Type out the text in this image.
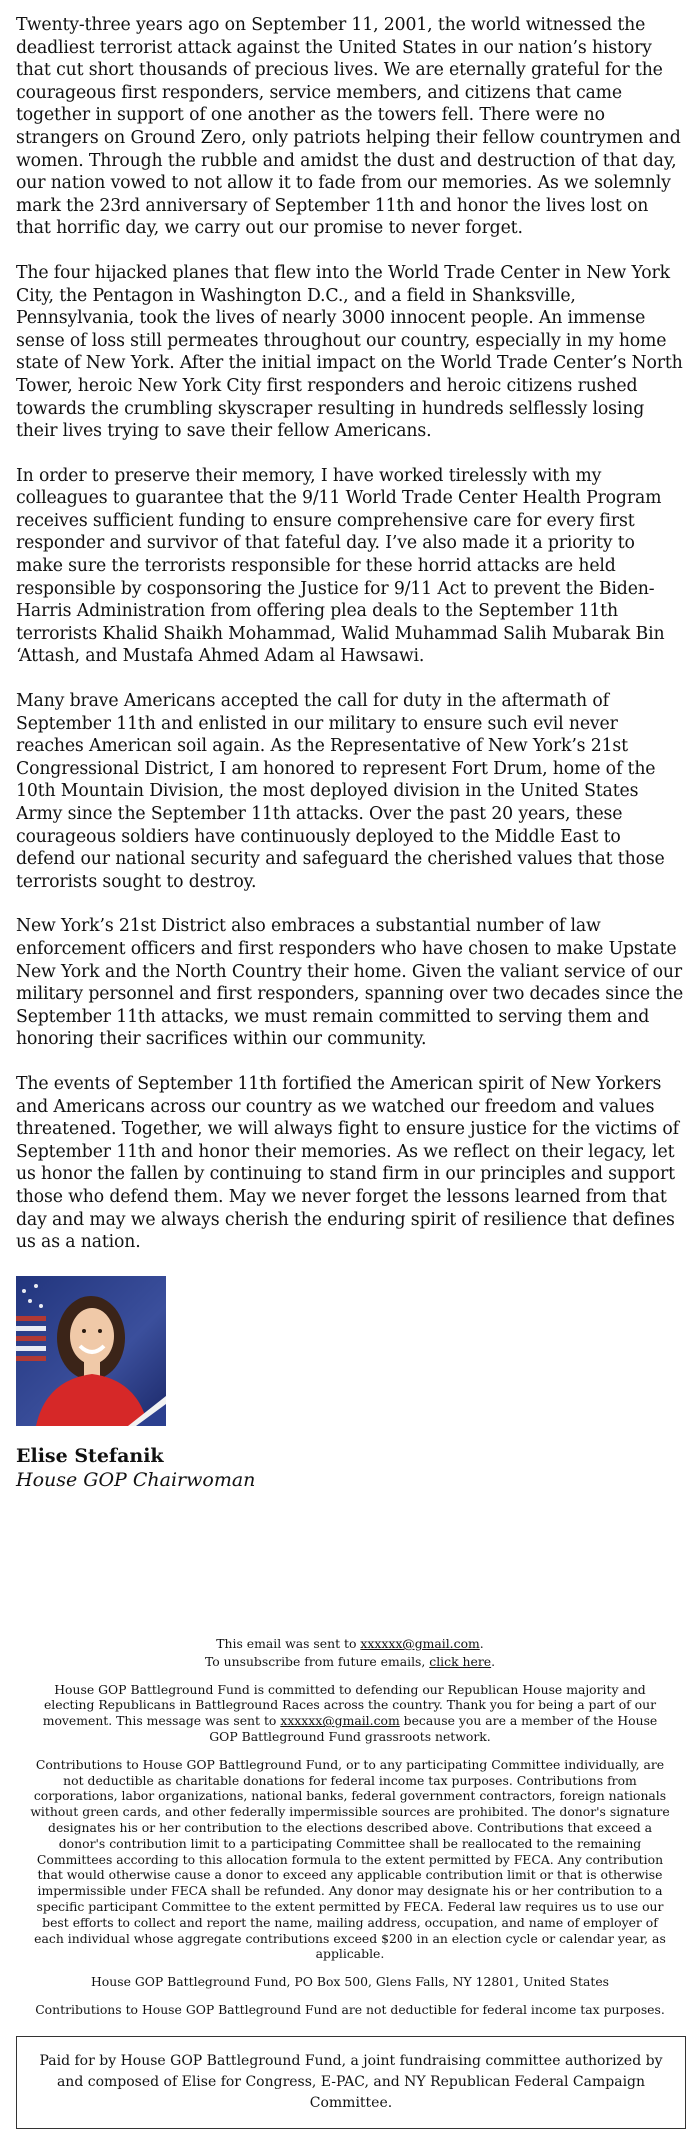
Twenty-three years ago on September 11, 2001, the world witnessed the deadliest terrorist attack against the United States in our nation’s history that cut short thousands of precious lives. We are eternally grateful for the courageous first responders, service members, and citizens that came together in support of one another as the towers fell. There were no strangers on Ground Zero, only patriots helping their fellow countrymen and women. Through the rubble and amidst the dust and destruction of that day, our nation vowed to not allow it to fade from our memories. As we solemnly mark the 23rd anniversary of September 11th and honor the lives lost on that horrific day, we carry out our promise to never forget.

The four hijacked planes that flew into the World Trade Center in New York City, the Pentagon in Washington D.C., and a field in Shanksville, Pennsylvania, took the lives of nearly 3000 innocent people. An immense sense of loss still permeates throughout our country, especially in my home state of New York. After the initial impact on the World Trade Center’s North Tower, heroic New York City first responders and heroic citizens rushed towards the crumbling skyscraper resulting in hundreds selflessly losing their lives trying to save their fellow Americans.

In order to preserve their memory, I have worked tirelessly with my colleagues to guarantee that the 9/11 World Trade Center Health Program receives sufficient funding to ensure comprehensive care for every first responder and survivor of that fateful day. I’ve also made it a priority to make sure the terrorists responsible for these horrid attacks are held responsible by cosponsoring the Justice for 9/11 Act to prevent the Biden-Harris Administration from offering plea deals to the September 11th terrorists Khalid Shaikh Mohammad, Walid Muhammad Salih Mubarak Bin ‘Attash, and Mustafa Ahmed Adam al Hawsawi.

Many brave Americans accepted the call for duty in the aftermath of September 11th and enlisted in our military to ensure such evil never reaches American soil again. As the Representative of New York’s 21st Congressional District, I am honored to represent Fort Drum, home of the 10th Mountain Division, the most deployed division in the United States Army since the September 11th attacks. Over the past 20 years, these courageous soldiers have continuously deployed to the Middle East to defend our national security and safeguard the cherished values that those terrorists sought to destroy.

New York’s 21st District also embraces a substantial number of law enforcement officers and first responders who have chosen to make Upstate New York and the North Country their home. Given the valiant service of our military personnel and first responders, spanning over two decades since the September 11th attacks, we must remain committed to serving them and honoring their sacrifices within our community.

The events of September 11th fortified the American spirit of New Yorkers and Americans across our country as we watched our freedom and values threatened. Together, we will always fight to ensure justice for the victims of September 11th and honor their memories. As we reflect on their legacy, let us honor the fallen by continuing to stand firm in our principles and support those who defend them. May we never forget the lessons learned from that day and may we always cherish the enduring spirit of resilience that defines us as a nation.

Elise Stefanik

House GOP Chairwoman

This email was sent to xxxxxx@gmail.com.

To unsubscribe from future emails, click here.

House GOP Battleground Fund is committed to defending our Republican House majority and electing Republicans in Battleground Races across the country. Thank you for being a part of our movement. This message was sent to xxxxxx@gmail.com because you are a member of the House GOP Battleground Fund grassroots network.

Contributions to House GOP Battleground Fund, or to any participating Committee individually, are not deductible as charitable donations for federal income tax purposes. Contributions from corporations, labor organizations, national banks, federal government contractors, foreign nationals without green cards, and other federally impermissible sources are prohibited. The donor's signature designates his or her contribution to the elections described above. Contributions that exceed a donor's contribution limit to a participating Committee shall be reallocated to the remaining Committees according to this allocation formula to the extent permitted by FECA. Any contribution that would otherwise cause a donor to exceed any applicable contribution limit or that is otherwise impermissible under FECA shall be refunded. Any donor may designate his or her contribution to a specific participant Committee to the extent permitted by FECA. Federal law requires us to use our best efforts to collect and report the name, mailing address, occupation, and name of employer of each individual whose aggregate contributions exceed $200 in an election cycle or calendar year, as applicable.

House GOP Battleground Fund, PO Box 500, Glens Falls, NY 12801, United States

Contributions to House GOP Battleground Fund are not deductible for federal income tax purposes.

Paid for by House GOP Battleground Fund, a joint fundraising committee authorized by and composed of Elise for Congress, E-PAC, and NY Republican Federal Campaign Committee.
